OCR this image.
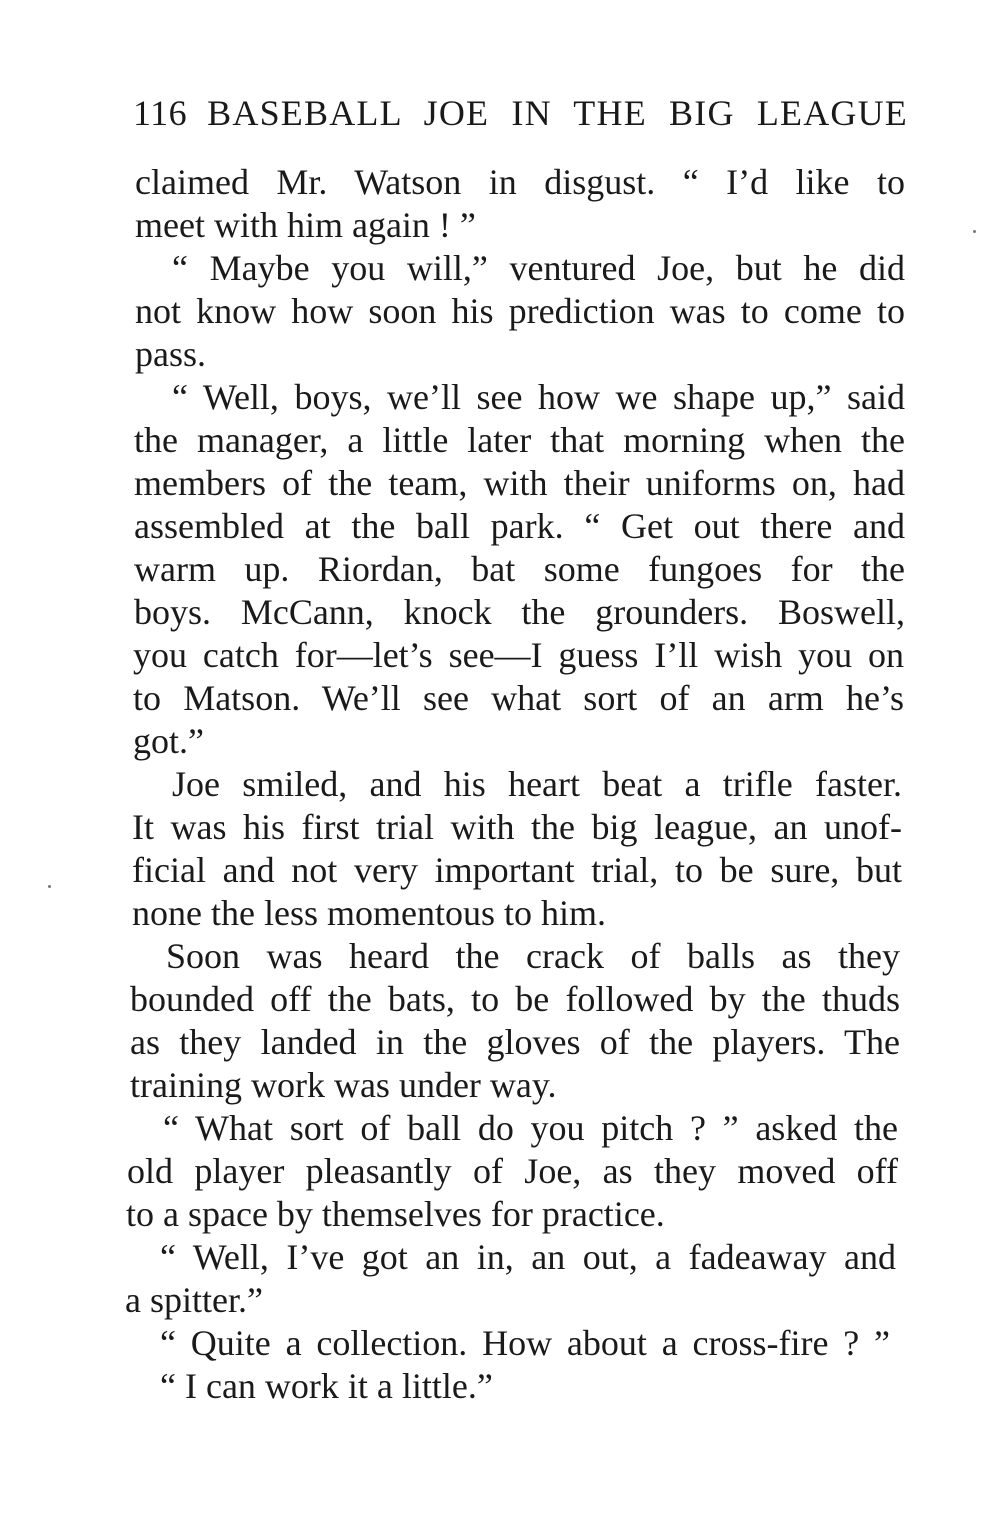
116 BASEBALL JOE IN THE BIG LEAGUE
claimed Mr. Watson in disgust. “ I’d like to
meet with him again ! ”
“ Maybe you will,” ventured Joe, but he did
not know how soon his prediction was to come to
pass.
“ Well, boys, we’ll see how we shape up,” said
the manager, a little later that morning when the
members of the team, with their uniforms on, had
assembled at the ball park. “ Get out there and
warm up. Riordan, bat some fungoes for the
boys. McCann, knock the grounders. Boswell,
you catch for—let’s see—I guess I’ll wish you on
to Matson. We’ll see what sort of an arm he’s
got.”
Joe smiled, and his heart beat a trifle faster.
It was his first trial with the big league, an unof-
ficial and not very important trial, to be sure, but
none the less momentous to him.
Soon was heard the crack of balls as they
bounded off the bats, to be followed by the thuds
as they landed in the gloves of the players. The
training work was under way.
“ What sort of ball do you pitch ? ” asked the
old player pleasantly of Joe, as they moved off
to a space by themselves for practice.
“ Well, I’ve got an in, an out, a fadeaway and
a spitter.”
“ Quite a collection. How about a cross-fire ? ”
“ I can work it a little.”
